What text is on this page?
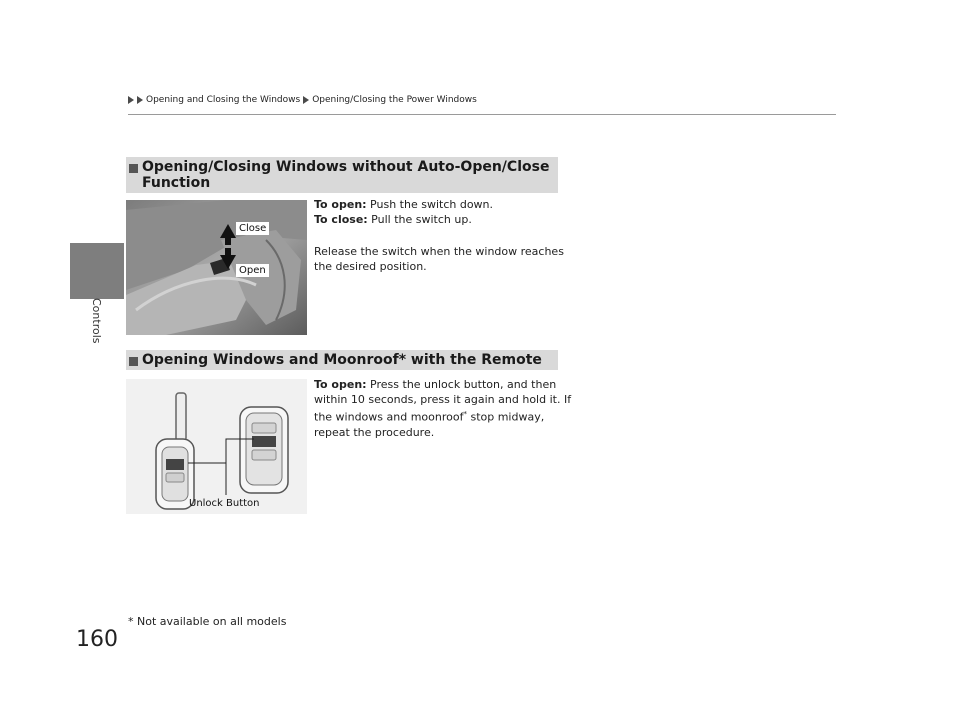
Controls
Opening and Closing the Windows Opening/Closing the Power Windows
Opening/Closing Windows without Auto-Open/Close
Function
To open: Push the switch down.
To close: Pull the switch up.
Release the switch when the window reaches
the desired position.
Close
Open
Opening Windows and Moonroof* with the Remote
To open: Press the unlock button, and then
within 10 seconds, press it again and hold it. If
the windows and moonroof* stop midway,
repeat the procedure.
Unlock Button
160
* Not available on all models
